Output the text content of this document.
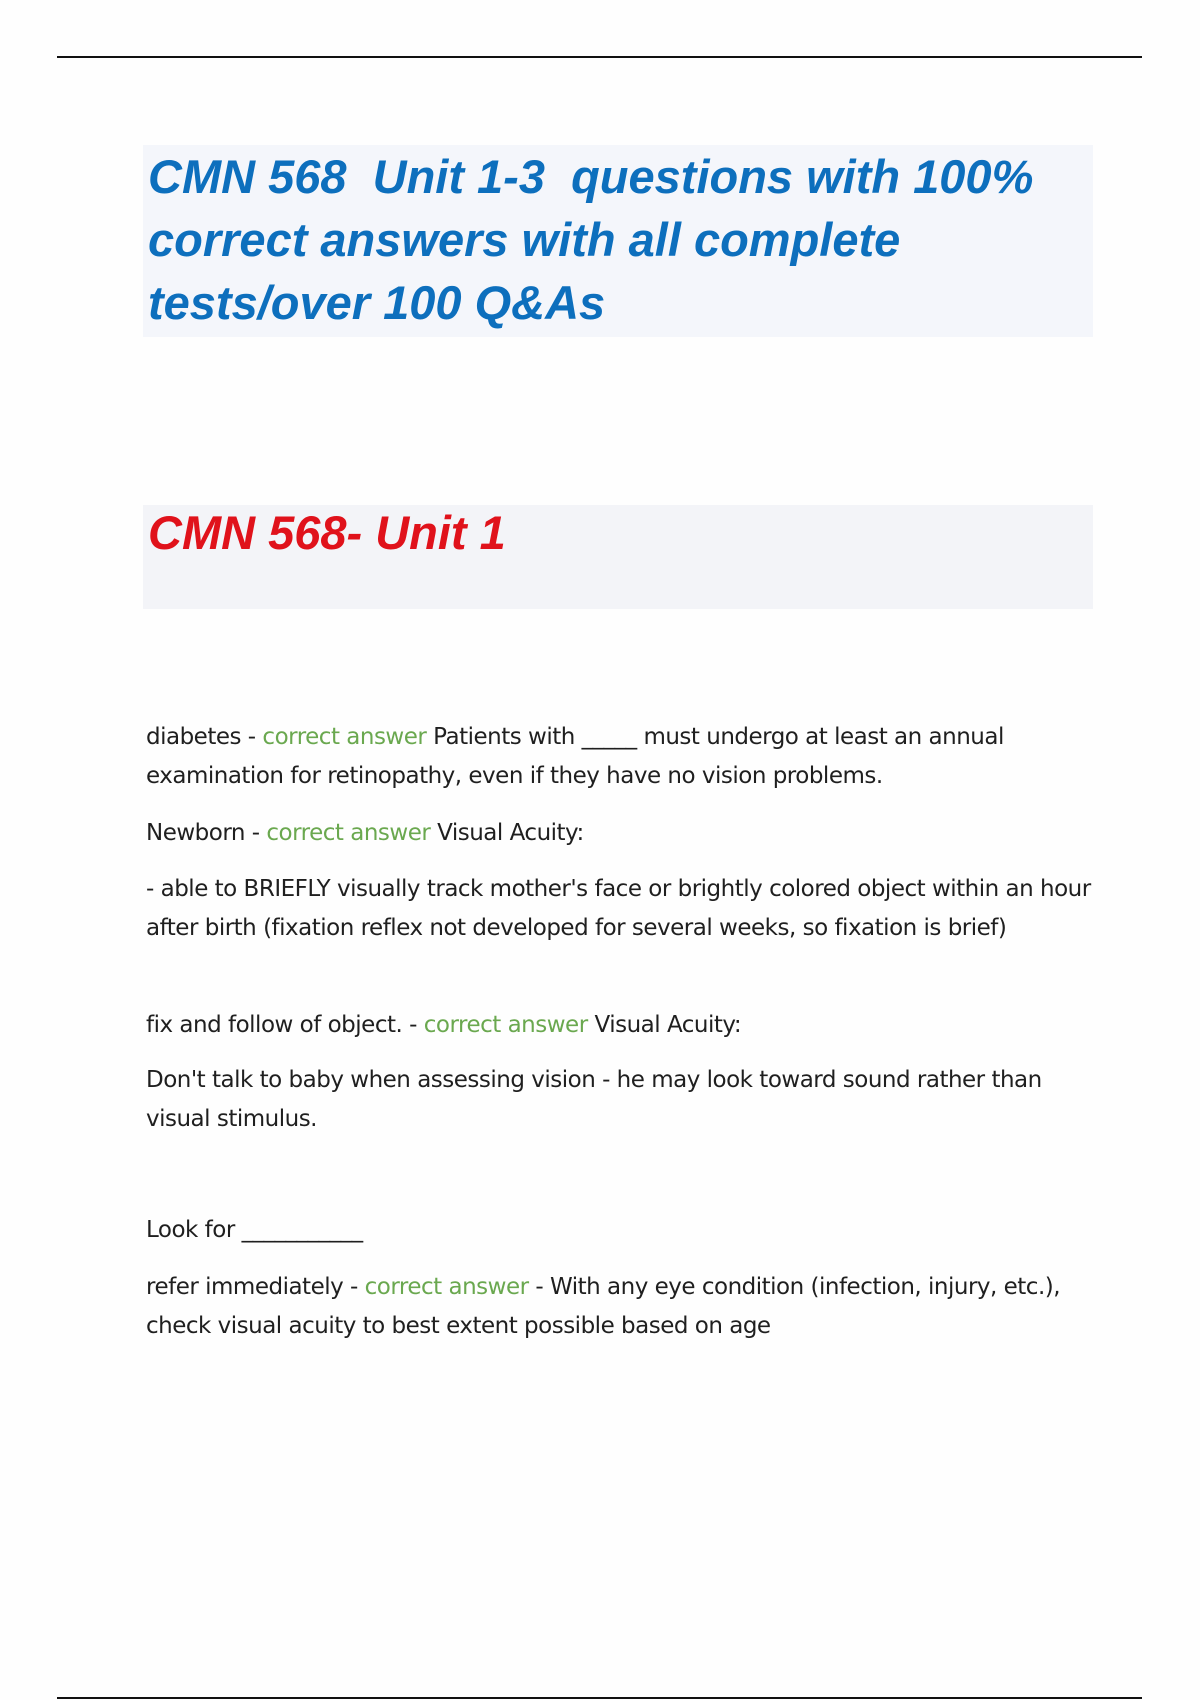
CMN 568  Unit 1-3  questions with 100% correct answers with all complete tests/over 100 Q&As
CMN 568- Unit 1

diabetes - correct answer Patients with _____ must undergo at least an annual examination for retinopathy, even if they have no vision problems.

Newborn - correct answer Visual Acuity:

- able to BRIEFLY visually track mother's face or brightly colored object within an hour after birth (fixation reflex not developed for several weeks, so fixation is brief)

fix and follow of object. - correct answer Visual Acuity:

Don't talk to baby when assessing vision - he may look toward sound rather than visual stimulus.

Look for ___________

refer immediately - correct answer - With any eye condition (infection, injury, etc.), check visual acuity to best extent possible based on age
